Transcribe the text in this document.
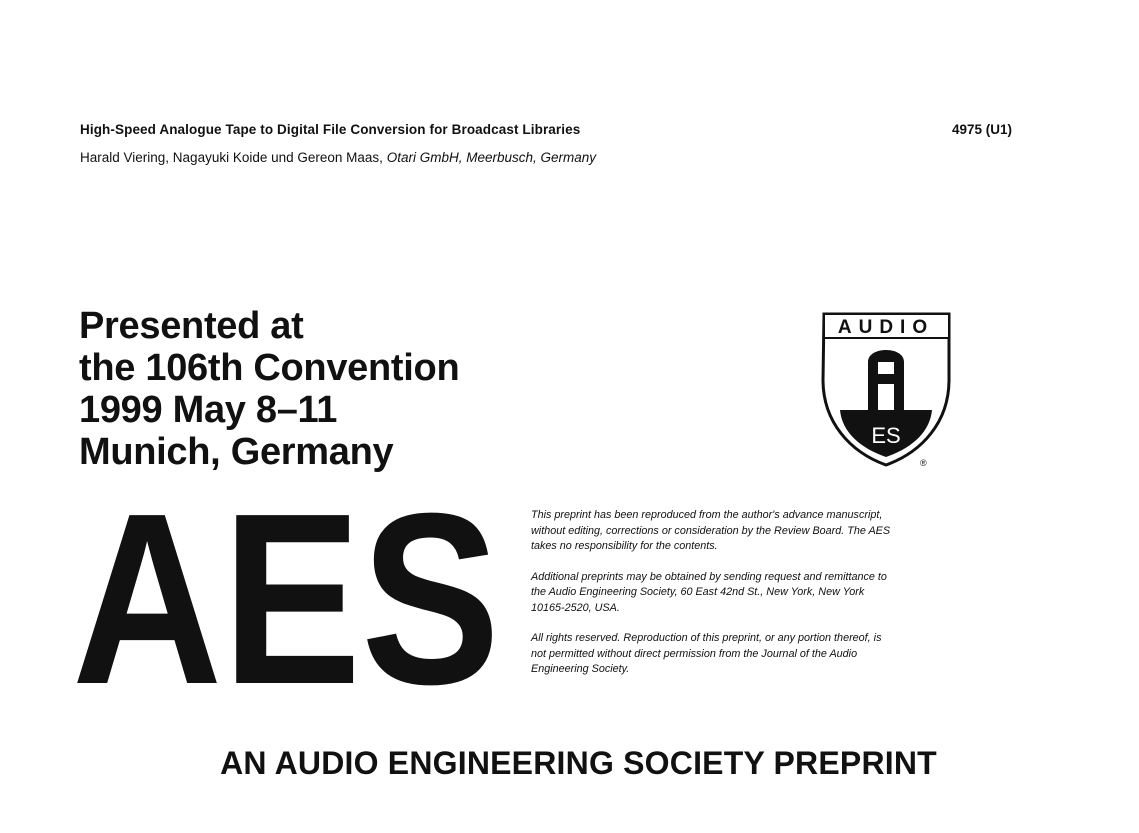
High-Speed Analogue Tape to Digital File Conversion for Broadcast Libraries	4975 (U1)
Harald Viering, Nagayuki Koide und Gereon Maas, Otari GmbH, Meerbusch, Germany
Presented at
the 106th Convention
1999 May 8–11
Munich, Germany
AUDIO
ES
®
AES	This preprint has been reproduced from the author's advance manuscript, without editing, corrections or consideration by the Review Board. The AES takes no responsibility for the contents.

Additional preprints may be obtained by sending request and remittance to the Audio Engineering Society, 60 East 42nd St., New York, New York 10165-2520, USA.

All rights reserved. Reproduction of this preprint, or any portion thereof, is not permitted without direct permission from the Journal of the Audio Engineering Society.

AN AUDIO ENGINEERING SOCIETY PREPRINT
